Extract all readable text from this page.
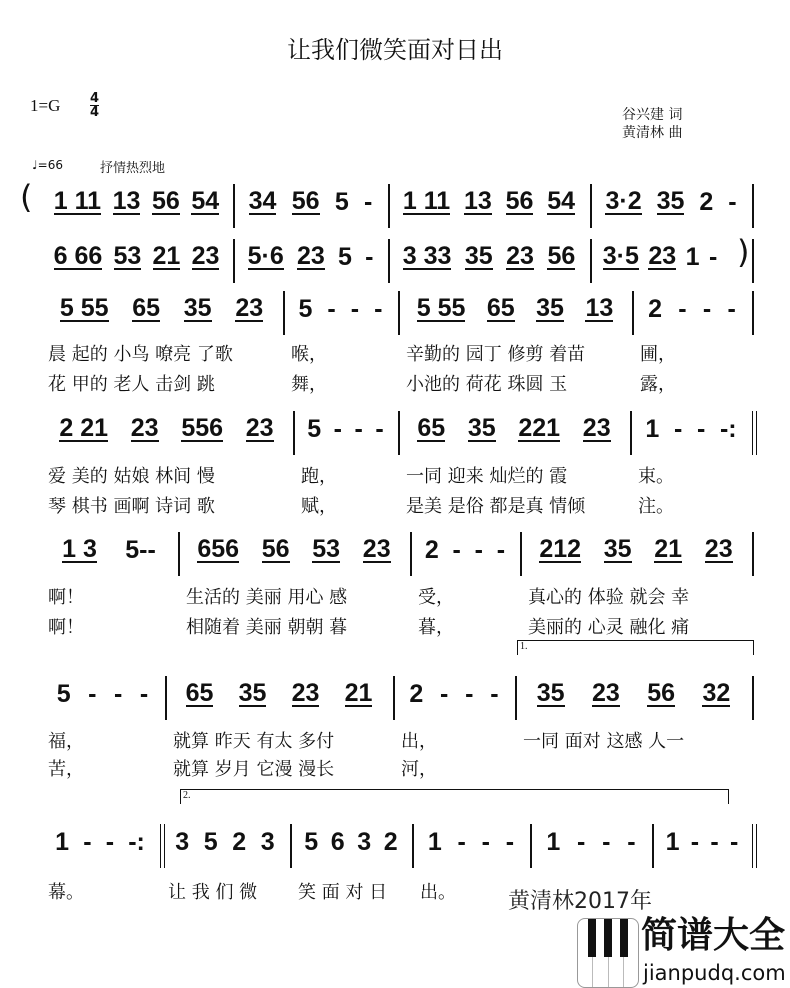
让我们微笑面对日出
1=G 4
4	谷兴建 词
黄清林 曲
♩=66	抒情热烈地
1 11 13 56 54 34 56 5 - 1 11 13 56 54 3·2 35 2 -
(
6 66 53 21 23 5·6 23 5 - 3 33 35 23 56 3·5 23 1 - )
5 55 65 35 23 5 - - - 5 55 65 35 13 2 - - -
晨 起的 小鸟 嘹亮 了歌	喉，	辛勤的 园丁 修剪 着苗	圃，
花 甲的 老人 击剑 跳	舞，	小池的 荷花 珠圆 玉	露，
2 21 23 556 23 5 - - - 65 35 221 23 1 - - -:
爱 美的 姑娘 林间 慢	跑，	一同 迎来 灿烂的 霞	束。
琴 棋书 画啊 诗词 歌	赋，	是美 是俗 都是真 情倾	注。
1 3 5-- 656 56 53 23 2 - - - 212 35 21 23
啊！	生活的 美丽 用心 感	受，	真心的 体验 就会 幸
啊！	相随着 美丽 朝朝 暮	暮，	美丽的 心灵 融化 痛
5 - - - 65 35 23 21 2 - - - 35 23 56 32
福，	就算 昨天 有太 多付	出，	一同 面对 这感 人一
苦，	就算 岁月 它漫 漫长	河，
1 - - -: 3 5 2 3 5 6 3 2 1 - - - 1 - - - 1 - - -
幕。	让 我 们 微	笑 面 对 日	出。
1.
2.
黄清林2017年
简谱大全
jianpudq.com
